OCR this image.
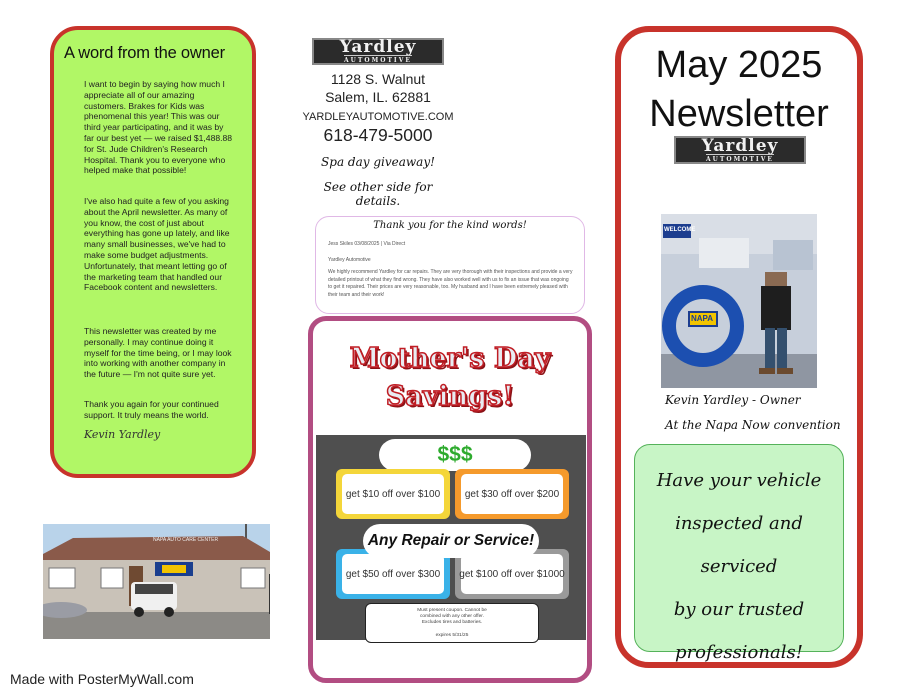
A word from the owner
I want to begin by saying how much I appreciate all of our amazing customers. Brakes for Kids was phenomenal this year! This was our third year participating, and it was by far our best yet — we raised $1,488.88 for St. Jude Children's Research Hospital. Thank you to everyone who helped make that possible!
I've also had quite a few of you asking about the April newsletter. As many of you know, the cost of just about everything has gone up lately, and like many small businesses, we've had to make some budget adjustments. Unfortunately, that meant letting go of the marketing team that handled our Facebook content and newsletters.
This newsletter was created by me personally. I may continue doing it myself for the time being, or I may look into working with another company in the future — I'm not quite sure yet.
Thank you again for your continued support. It truly means the world.
Kevin Yardley
NAPA AUTO CARE CENTER
Yardley
AUTOMOTIVE
1128 S. Walnut
Salem, IL. 62881
YARDLEYAUTOMOTIVE.COM
618-479-5000
Spa day giveaway!
See other side for details.
Thank you for the kind words!
Jess Skiles 03/08/2025 | Via Direct
Yardley Automotive
We highly recommend Yardley for car repairs. They are very thorough with their inspections and provide a very detailed printout of what they find wrong. They have also worked well with us to fix an issue that was ongoing to get it repaired. Their prices are very reasonable, too. My husband and I have been extremely pleased with their team and their work!
Mother's Day
Savings!
$$$
get $10 off over $100	get $30 off over $200
get $50 off over $300	get $100 off over $1000
Any Repair or Service!
Must present coupon. Cannot be
combined with any other offer.
Excludes tires and batteries.
expires 5/31/25
May 2025
Newsletter
Yardley
AUTOMOTIVE
WELCOME
NAPA
Kevin Yardley - Owner
At the Napa Now convention
Have your vehicle
inspected and serviced
by our trusted
professionals!
Made with PosterMyWall.com
